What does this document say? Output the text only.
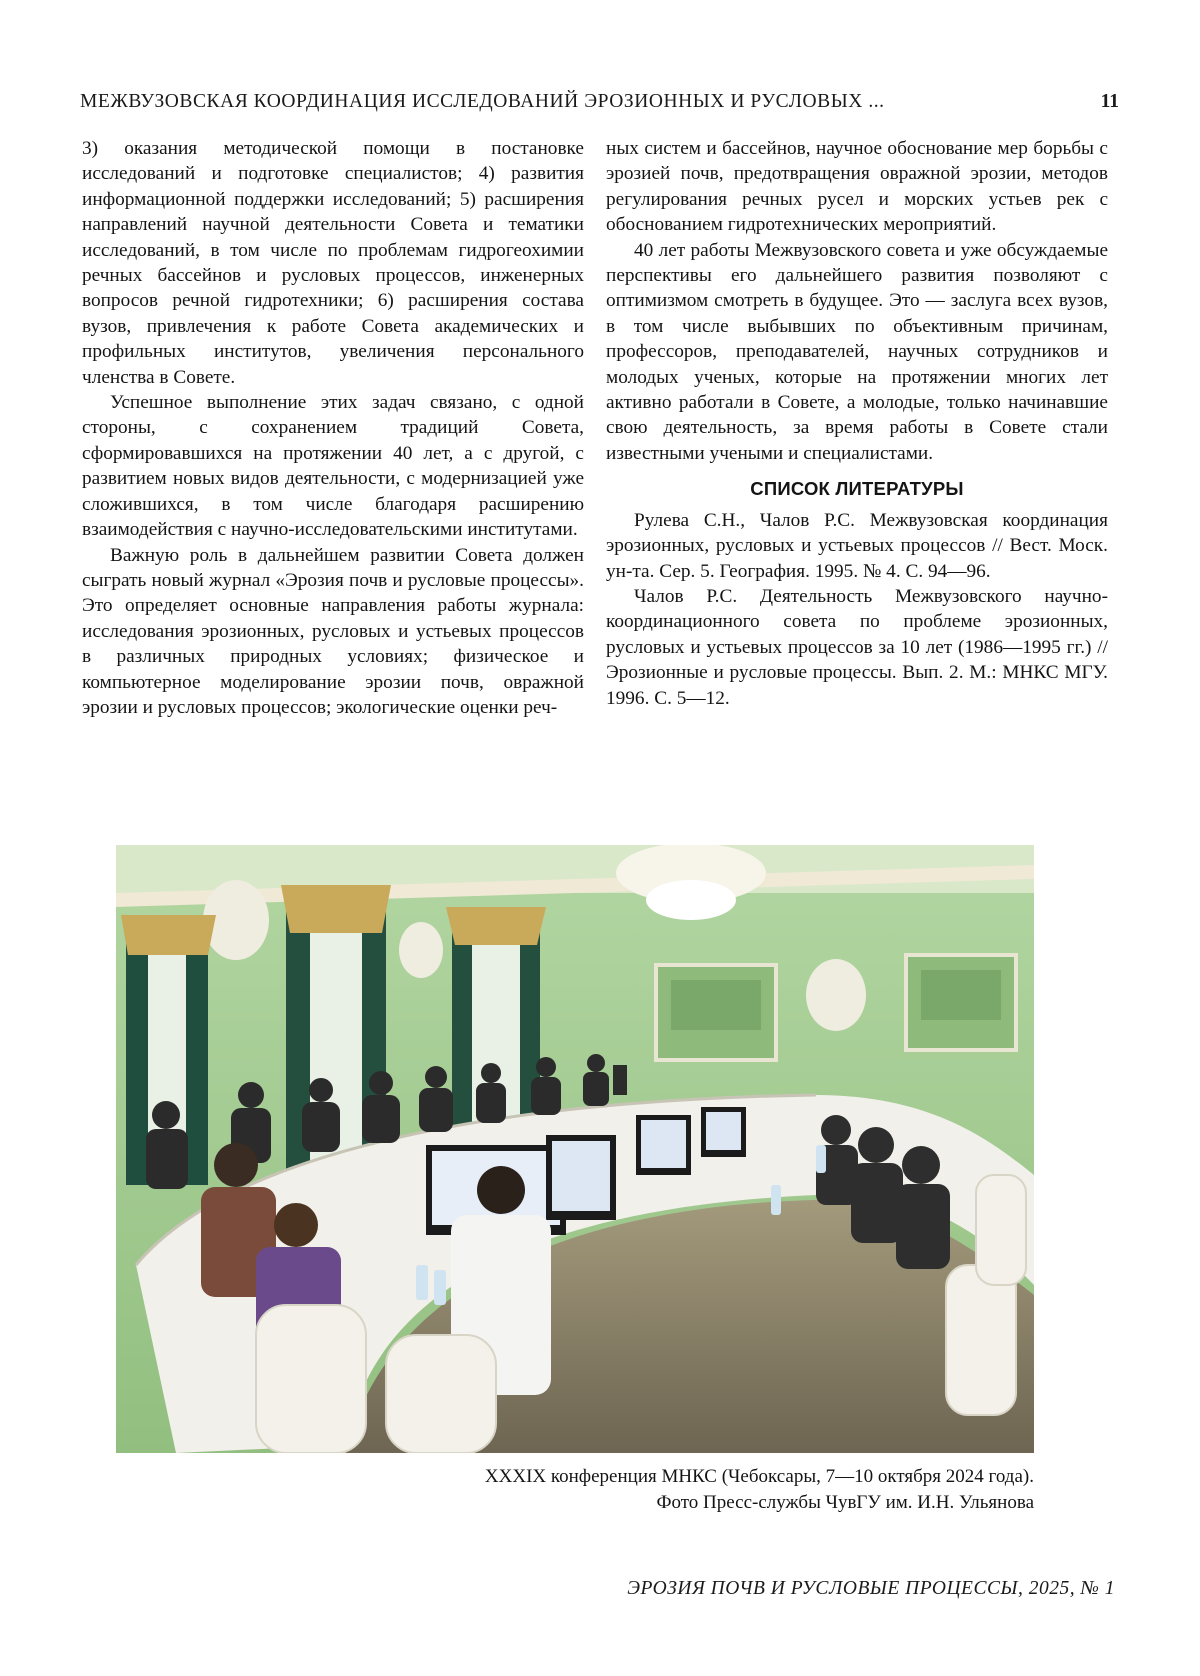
МЕЖВУЗОВСКАЯ КООРДИНАЦИЯ ИССЛЕДОВАНИЙ ЭРОЗИОННЫХ И РУСЛОВЫХ ...	11

3) оказания методической помощи в постановке исследований и подготовке специалистов; 4) развития информационной поддержки исследований; 5) расширения направлений научной деятельности Совета и тематики исследований, в том числе по проблемам гидрогеохимии речных бассейнов и русловых процессов, инженерных вопросов речной гидротехники; 6) расширения состава вузов, привлечения к работе Совета академических и профильных институтов, увеличения персонального членства в Совете.

Успешное выполнение этих задач связано, с одной стороны, с сохранением традиций Совета, сформировавшихся на протяжении 40 лет, а с другой, с развитием новых видов деятельности, с модернизацией уже сложившихся, в том числе благодаря расширению взаимодействия с научно-исследовательскими институтами.

Важную роль в дальнейшем развитии Совета должен сыграть новый журнал «Эрозия почв и русловые процессы». Это определяет основные направления работы журнала: исследования эрозионных, русловых и устьевых процессов в различных природных условиях; физическое и компьютерное моделирование эрозии почв, овражной эрозии и русловых процессов; экологические оценки реч-

ных систем и бассейнов, научное обоснование мер борьбы с эрозией почв, предотвращения овражной эрозии, методов регулирования речных русел и морских устьев рек с обоснованием гидротехнических мероприятий.

40 лет работы Межвузовского совета и уже обсуждаемые перспективы его дальнейшего развития позволяют с оптимизмом смотреть в будущее. Это — заслуга всех вузов, в том числе выбывших по объективным причинам, профессоров, преподавателей, научных сотрудников и молодых ученых, которые на протяжении многих лет активно работали в Совете, а молодые, только начинавшие свою деятельность, за время работы в Совете стали известными учеными и специалистами.

СПИСОК ЛИТЕРАТУРЫ

Рулева С.Н., Чалов Р.С. Межвузовская координация эрозионных, русловых и устьевых процессов // Вест. Моск. ун-та. Сер. 5. География. 1995. № 4. С. 94—96.

Чалов Р.С. Деятельность Межвузовского научно-координационного совета по проблеме эрозионных, русловых и устьевых процессов за 10 лет (1986—1995 гг.) // Эрозионные и русловые процессы. Вып. 2. М.: МНКС МГУ. 1996. С. 5—12.

XXXIX конференция МНКС (Чебоксары, 7—10 октября 2024 года).
Фото Пресс-службы ЧувГУ им. И.Н. Ульянова
ЭРОЗИЯ ПОЧВ И РУСЛОВЫЕ ПРОЦЕССЫ, 2025, № 1
